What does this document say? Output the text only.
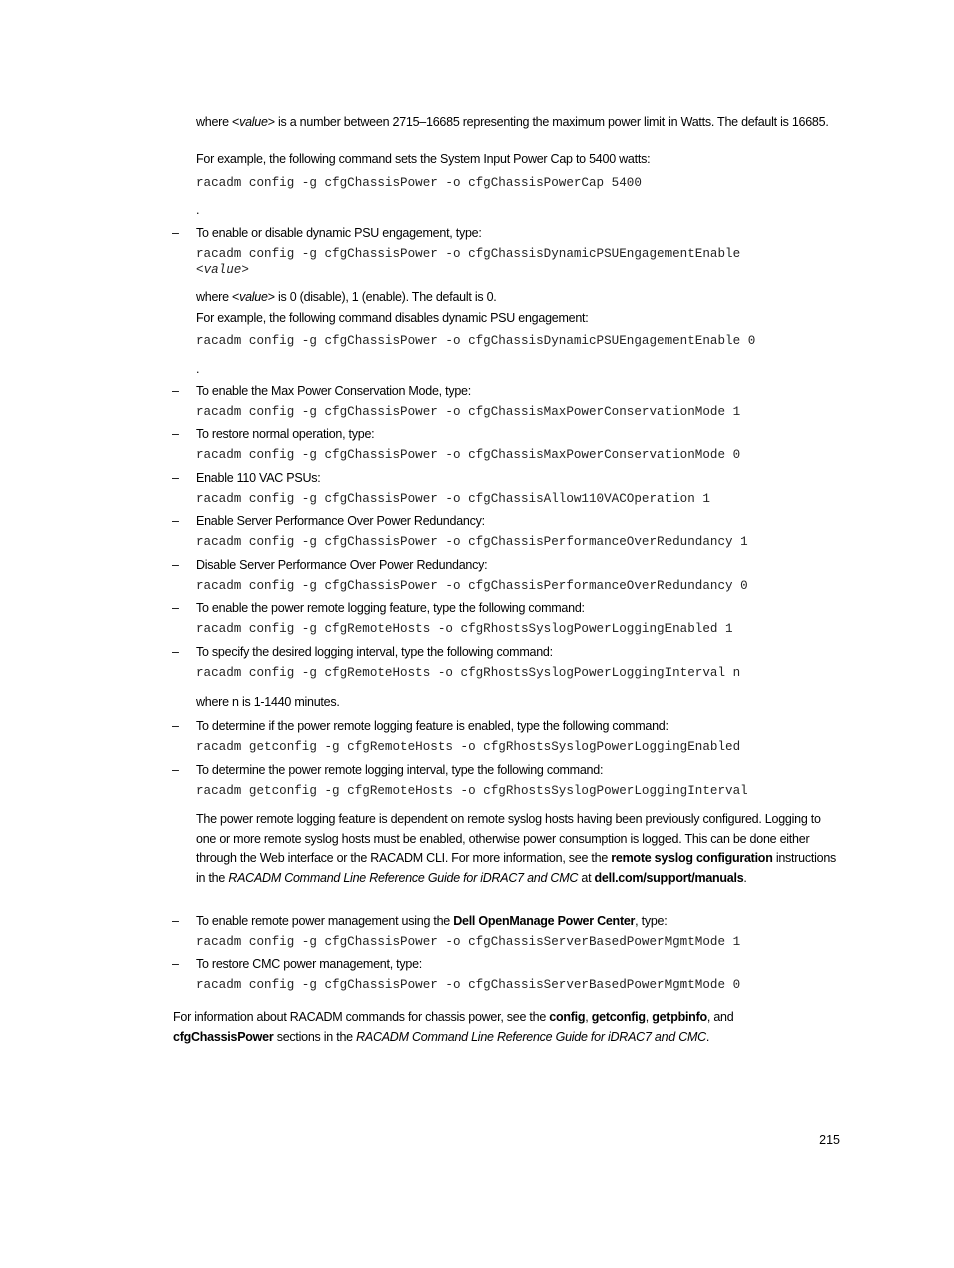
where <value> is a number between 2715–16685 representing the maximum power limit in Watts. The default is 16685.
For example, the following command sets the System Input Power Cap to 5400 watts:
racadm config -g cfgChassisPower -o cfgChassisPowerCap 5400
.
– To enable or disable dynamic PSU engagement, type:
racadm config -g cfgChassisPower -o cfgChassisDynamicPSUEngagementEnable
<value>
where <value> is 0 (disable), 1 (enable). The default is 0.
For example, the following command disables dynamic PSU engagement:
racadm config -g cfgChassisPower -o cfgChassisDynamicPSUEngagementEnable 0
.
– To enable the Max Power Conservation Mode, type:
racadm config -g cfgChassisPower -o cfgChassisMaxPowerConservationMode 1
– To restore normal operation, type:
racadm config -g cfgChassisPower -o cfgChassisMaxPowerConservationMode 0
– Enable 110 VAC PSUs:
racadm config -g cfgChassisPower -o cfgChassisAllow110VACOperation 1
– Enable Server Performance Over Power Redundancy:
racadm config -g cfgChassisPower -o cfgChassisPerformanceOverRedundancy 1
– Disable Server Performance Over Power Redundancy:
racadm config -g cfgChassisPower -o cfgChassisPerformanceOverRedundancy 0
– To enable the power remote logging feature, type the following command:
racadm config -g cfgRemoteHosts -o cfgRhostsSyslogPowerLoggingEnabled 1
– To specify the desired logging interval, type the following command:
racadm config -g cfgRemoteHosts -o cfgRhostsSyslogPowerLoggingInterval n
where n is 1-1440 minutes.
– To determine if the power remote logging feature is enabled, type the following command:
racadm getconfig -g cfgRemoteHosts -o cfgRhostsSyslogPowerLoggingEnabled
– To determine the power remote logging interval, type the following command:
racadm getconfig -g cfgRemoteHosts -o cfgRhostsSyslogPowerLoggingInterval
The power remote logging feature is dependent on remote syslog hosts having been previously configured. Logging to one or more remote syslog hosts must be enabled, otherwise power consumption is logged. This can be done either through the Web interface or the RACADM CLI. For more information, see the remote syslog configuration instructions in the RACADM Command Line Reference Guide for iDRAC7 and CMC at dell.com/support/manuals.
– To enable remote power management using the Dell OpenManage Power Center, type:
racadm config -g cfgChassisPower -o cfgChassisServerBasedPowerMgmtMode 1
– To restore CMC power management, type:
racadm config -g cfgChassisPower -o cfgChassisServerBasedPowerMgmtMode 0
For information about RACADM commands for chassis power, see the config, getconfig, getpbinfo, and
cfgChassisPower sections in the RACADM Command Line Reference Guide for iDRAC7 and CMC.
215
